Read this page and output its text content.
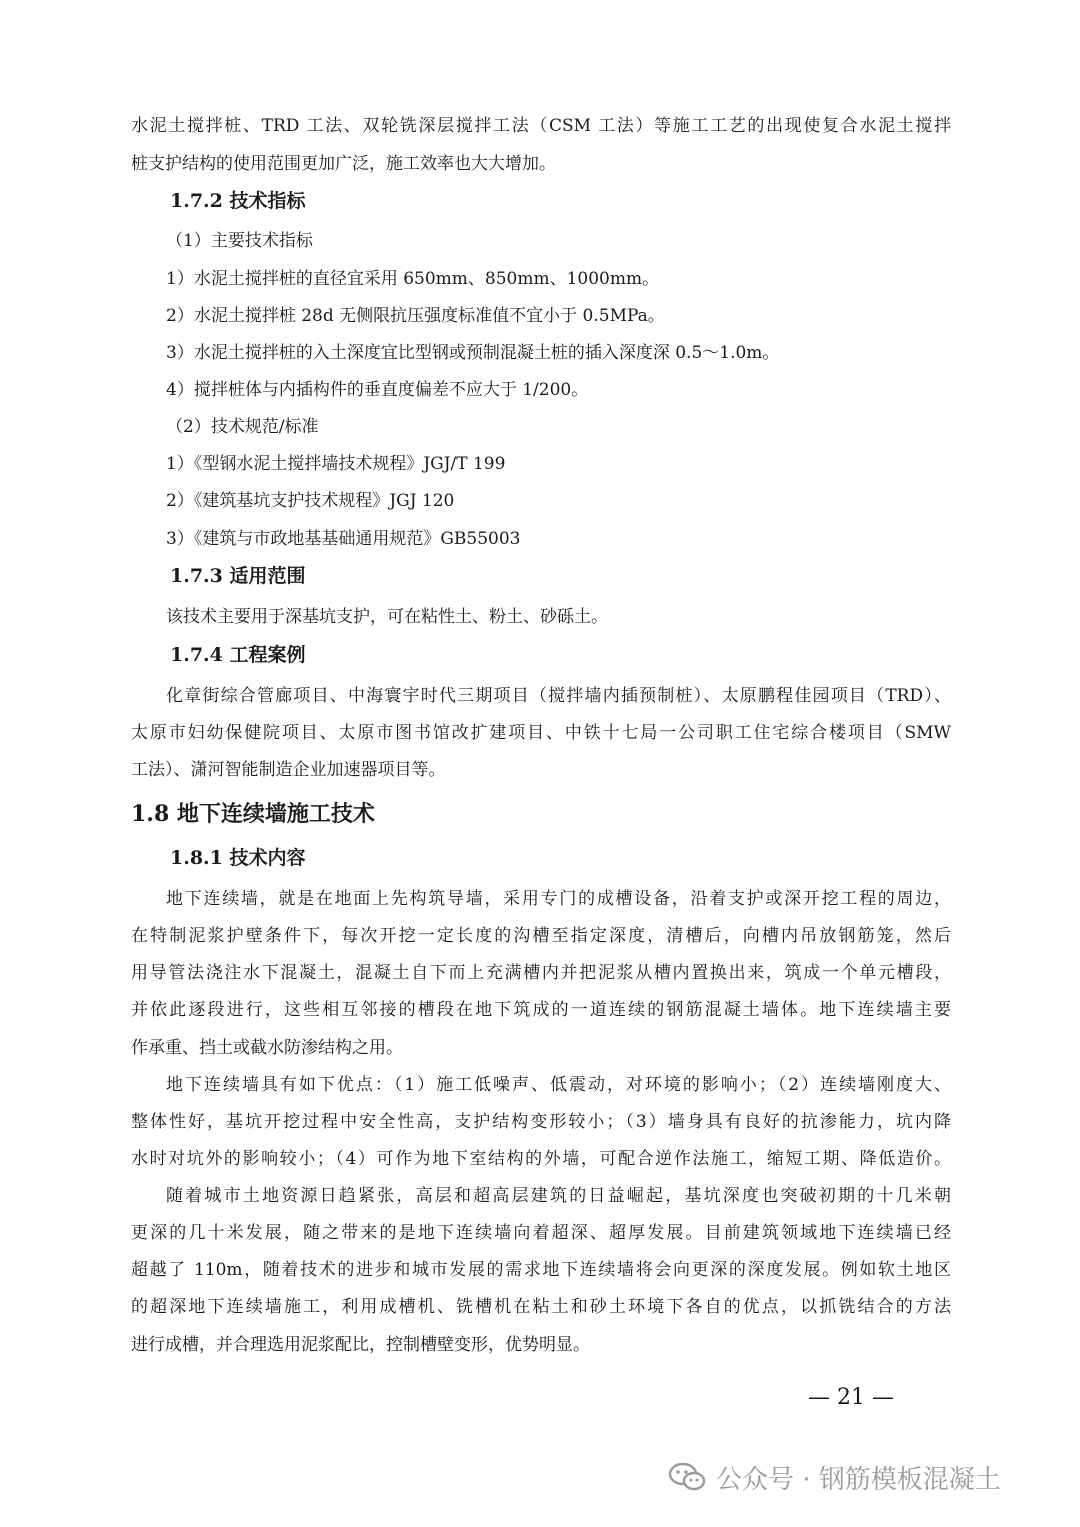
水泥土搅拌桩、TRD 工法、双轮铣深层搅拌工法（CSM 工法）等施工工艺的出现使复合水泥土搅拌
桩支护结构的使用范围更加广泛，施工效率也大大增加。
1.7.2 技术指标
（1）主要技术指标
1）水泥土搅拌桩的直径宜采用 650mm、850mm、1000mm。
2）水泥土搅拌桩 28d 无侧限抗压强度标准值不宜小于 0.5MPa。
3）水泥土搅拌桩的入土深度宜比型钢或预制混凝土桩的插入深度深 0.5～1.0m。
4）搅拌桩体与内插构件的垂直度偏差不应大于 1/200。
（2）技术规范/标准
1）《型钢水泥土搅拌墙技术规程》JGJ/T 199
2）《建筑基坑支护技术规程》JGJ 120
3）《建筑与市政地基基础通用规范》GB55003
1.7.3 适用范围
该技术主要用于深基坑支护，可在粘性土、粉土、砂砾土。
1.7.4 工程案例
化章街综合管廊项目、中海寰宇时代三期项目（搅拌墙内插预制桩）、太原鹏程佳园项目（TRD）、
太原市妇幼保健院项目、太原市图书馆改扩建项目、中铁十七局一公司职工住宅综合楼项目（SMW
工法）、潇河智能制造企业加速器项目等。
1.8 地下连续墙施工技术
1.8.1 技术内容
地下连续墙，就是在地面上先构筑导墙，采用专门的成槽设备，沿着支护或深开挖工程的周边，
在特制泥浆护壁条件下，每次开挖一定长度的沟槽至指定深度，清槽后，向槽内吊放钢筋笼，然后
用导管法浇注水下混凝土，混凝土自下而上充满槽内并把泥浆从槽内置换出来，筑成一个单元槽段，
并依此逐段进行，这些相互邻接的槽段在地下筑成的一道连续的钢筋混凝土墙体。地下连续墙主要
作承重、挡土或截水防渗结构之用。
地下连续墙具有如下优点：（1）施工低噪声、低震动，对环境的影响小；（2）连续墙刚度大、
整体性好，基坑开挖过程中安全性高，支护结构变形较小；（3）墙身具有良好的抗渗能力，坑内降
水时对坑外的影响较小；（4）可作为地下室结构的外墙，可配合逆作法施工，缩短工期、降低造价。
随着城市土地资源日趋紧张，高层和超高层建筑的日益崛起，基坑深度也突破初期的十几米朝
更深的几十米发展，随之带来的是地下连续墙向着超深、超厚发展。目前建筑领域地下连续墙已经
超越了 110m，随着技术的进步和城市发展的需求地下连续墙将会向更深的深度发展。例如软土地区
的超深地下连续墙施工，利用成槽机、铣槽机在粘土和砂土环境下各自的优点，以抓铣结合的方法
进行成槽，并合理选用泥浆配比，控制槽壁变形，优势明显。
— 21 —
公众号 · 钢筋模板混凝土
